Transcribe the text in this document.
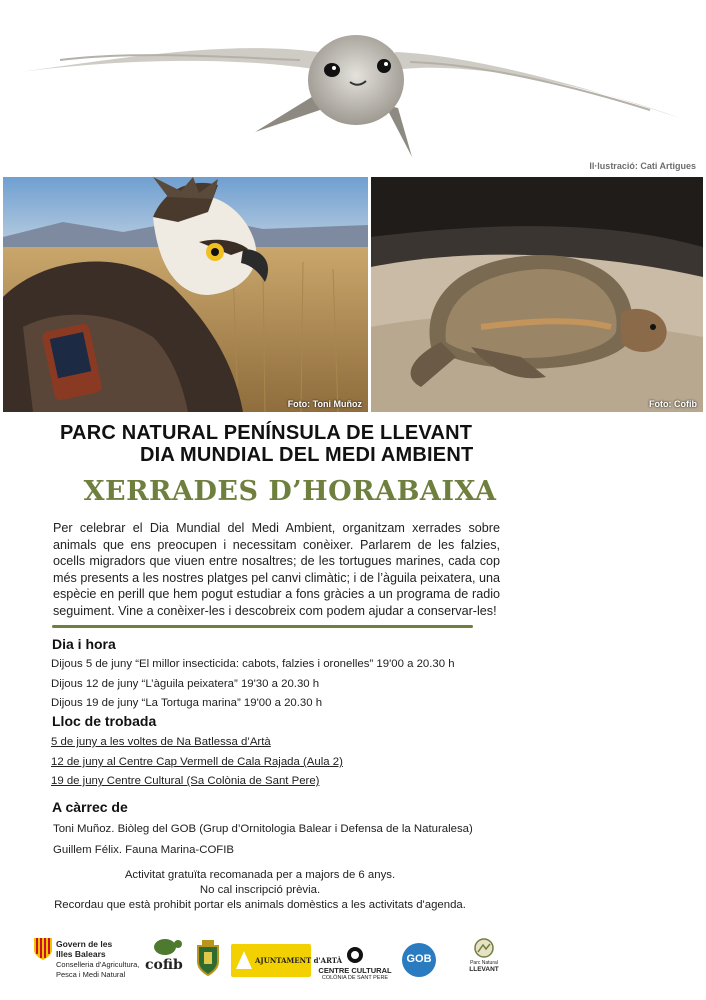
Il·lustració: Cati Artigues
Foto: Toni Muñoz	Foto: Cofib
PARC NATURAL PENÍNSULA DE LLEVANT
DIA MUNDIAL DEL MEDI AMBIENT
XERRADES D’HORABAIXA
Per celebrar el Dia Mundial del Medi Ambient, organitzam xerrades sobre animals que ens preocupen i necessitam conèixer. Parlarem de les falzies, ocells migradors que viuen entre nosaltres; de les tortugues marines, cada cop més presents a les nostres platges pel canvi climàtic; i de l’àguila peixatera, una espècie en perill que hem pogut estudiar a fons gràcies a un programa de radio seguiment. Vine a conèixer-les i descobreix com podem ajudar a conservar-les!
Dia i hora
Dijous 5 de juny “El millor insecticida: cabots, falzies i oronelles” 19'00 a 20.30 h
Dijous 12 de juny “L’àguila peixatera” 19'30 a 20.30 h
Dijous 19 de juny “La Tortuga marina” 19'00 a 20.30 h
Lloc de trobada
5 de juny a les voltes de Na Batlessa d’Artà
12 de juny al Centre Cap Vermell de Cala Rajada (Aula 2)
19 de juny Centre Cultural (Sa Colònia de Sant Pere)
A càrrec de
Toni Muñoz. Biòleg del GOB (Grup d’Ornitologia Balear i Defensa de la Naturalesa)
Guillem Félix. Fauna Marina-COFIB
Activitat gratuïta recomanada per a majors de 6 anys.
No cal inscripció prèvia.
Recordau que està prohibit portar els animals domèstics a les activitats d'agenda.
Govern de les
Illes Balears
Conselleria d’Agricultura,
Pesca i Medi Natural
cofib	AJUNTAMENT d'ARTÀ
CENTRE CULTURAL
COLÒNIA DE SANT PERE
GOB	Parc Natural
LLEVANT
